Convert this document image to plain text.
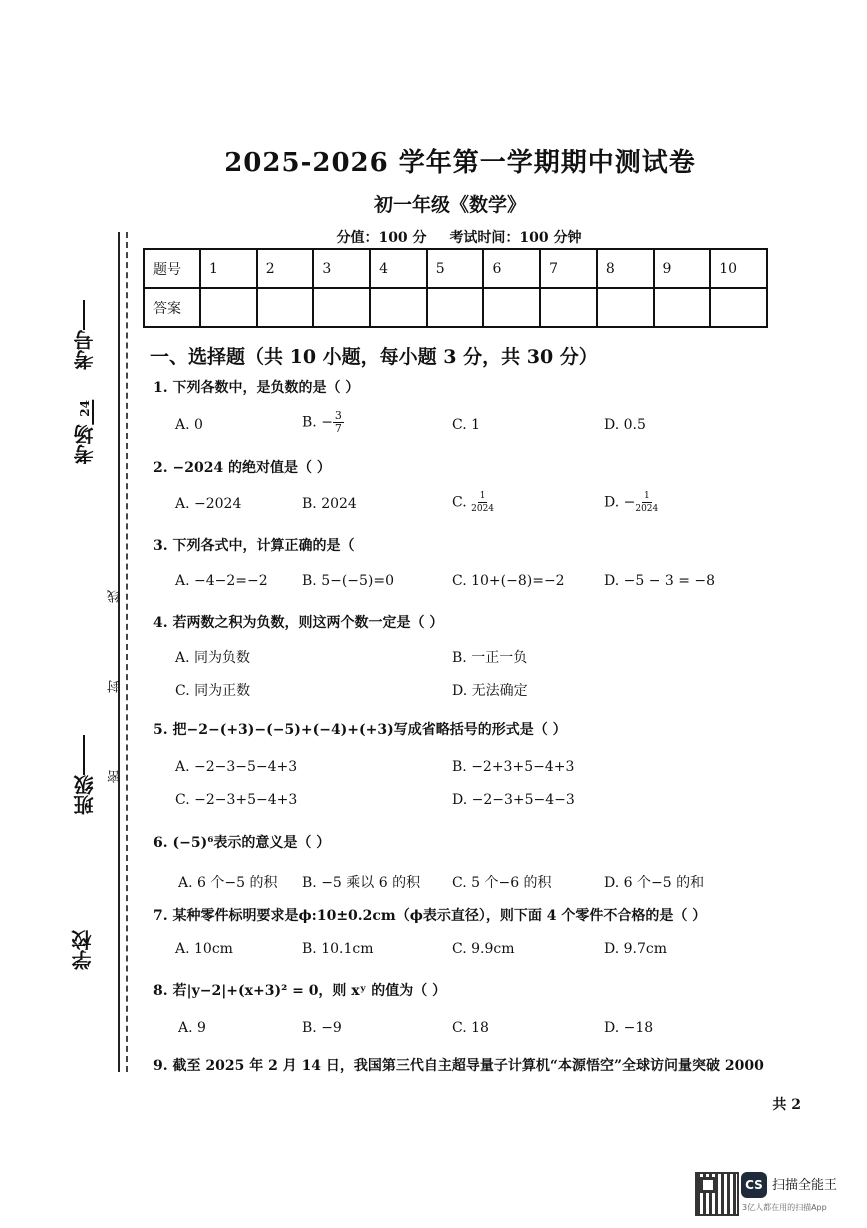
2025-2026 学年第一学期期中测试卷
初一年级《数学》
分值：100 分 考试时间：100 分钟
题号	1	2	3	4	5	6	7	8	9	10
答案										
考号
考场24
班级
学校
线
封
密
一、选择题（共 10 小题，每小题 3 分，共 30 分）
1. 下列各数中，是负数的是（ ）
A. 0	B. − $\frac{3}{7}$	C. 1	D. 0.5
2. −2024 的绝对值是（ ）
A. −2024	B. 2024	C. $\frac{1}{2024}$	D. − $\frac{1}{2024}$
3. 下列各式中，计算正确的是（
A. −4−2=−2 B. 5−(−5)=0	C. 10+(−8)=−2	D. −5 − 3 = −8
4. 若两数之积为负数，则这两个数一定是（ ）
A. 同为负数	B. 一正一负
C. 同为正数	D. 无法确定
5. 把−2−(+3)−(−5)+(−4)+(+3)写成省略括号的形式是（ ）
A. −2−3−5−4+3	B. −2+3+5−4+3
C. −2−3+5−4+3	D. −2−3+5−4−3
6. (−5)⁶表示的意义是（ ）
A. 6 个−5 的积 B. −5 乘以 6 的积 C. 5 个−6 的积	D. 6 个−5 的和
7. 某种零件标明要求是ϕ:10±0.2cm（ϕ表示直径），则下面 4 个零件不合格的是（ ）
A. 10cm	B. 10.1cm	C. 9.9cm	D. 9.7cm
8. 若|y−2|+(x+3)² = 0，则 xʸ 的值为（ ）
A. 9	B. −9	C. 18	D. −18
9. 截至 2025 年 2 月 14 日，我国第三代自主超导量子计算机“本源悟空”全球访问量突破 2000
共 2
CS 扫描全能王
3亿人都在用的扫描App
